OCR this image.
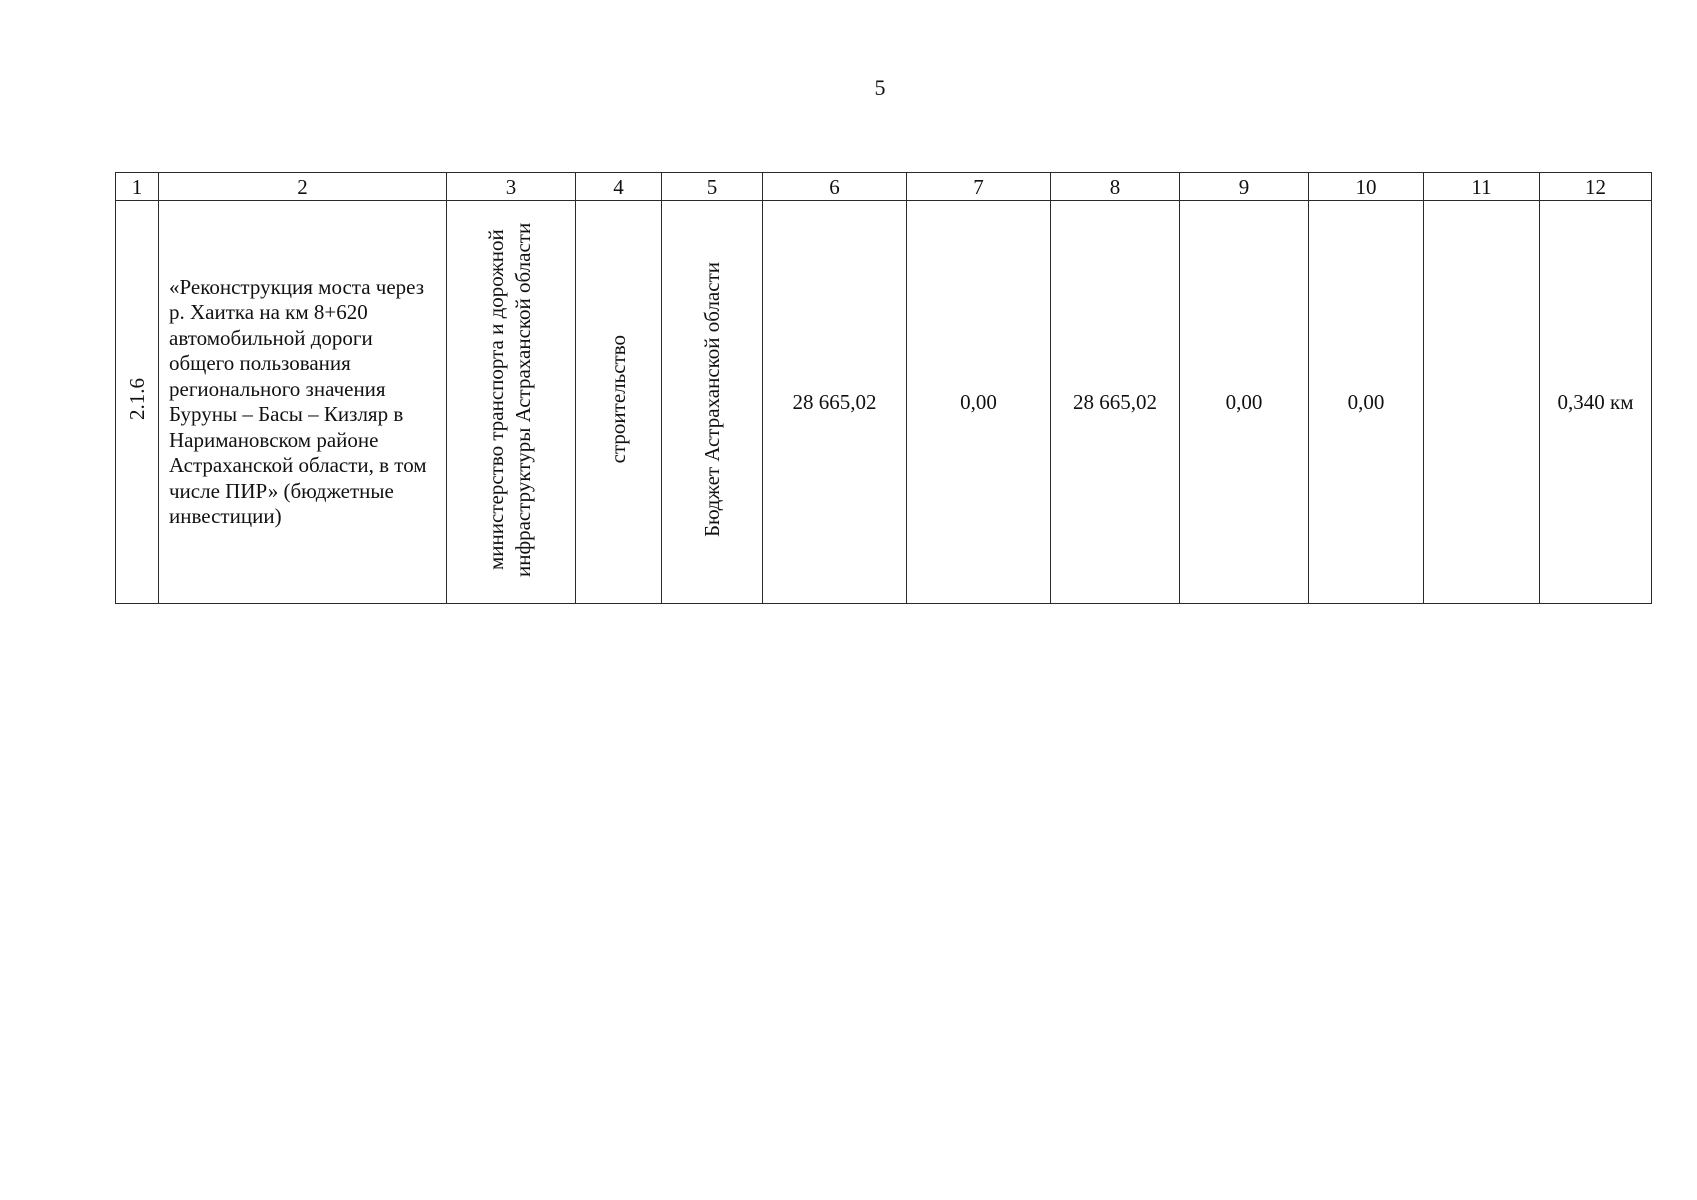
5
1	2	3	4	5	6	7	8	9	10	11	12
2.1.6	«Реконструкция моста через р. Хаитка на км 8+620 автомобильной дороги общего пользования регионального значения Буруны – Басы – Кизляр в Наримановском районе Астраханской области, в том числе ПИР» (бюджетные инвестиции)	министерство транспорта и дорожной инфраструктуры Астраханской области	строительство	Бюджет Астраханской области	28 665,02	0,00	28 665,02	0,00	0,00		0,340 км
